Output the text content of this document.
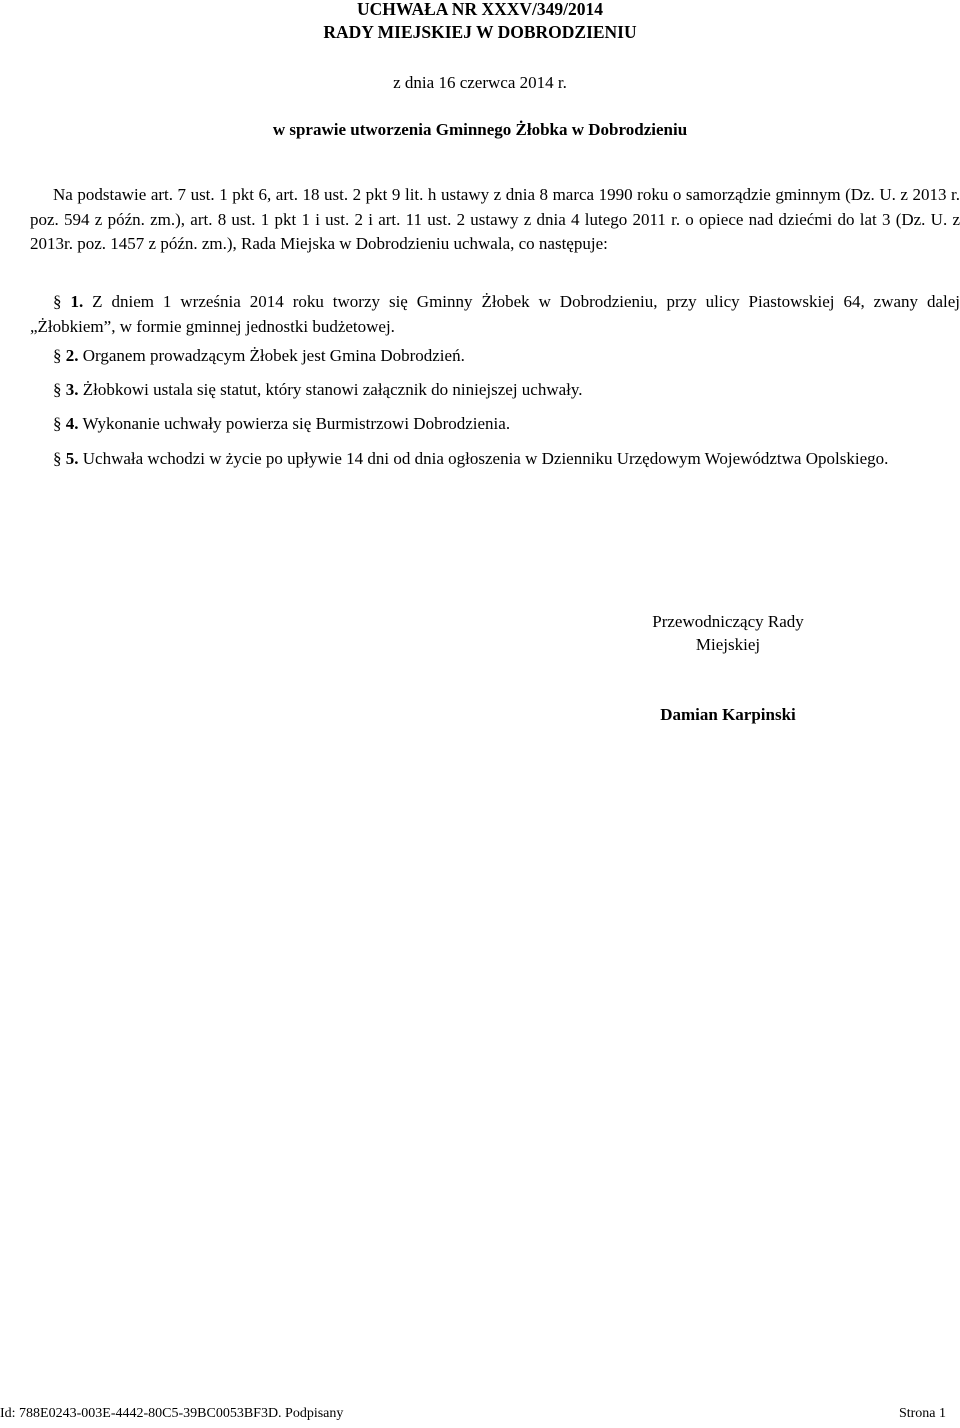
UCHWAŁA NR XXXV/349/2014

RADY MIEJSKIEJ W DOBRODZIENIU

z dnia 16 czerwca 2014 r.

w sprawie utworzenia Gminnego Żłobka w Dobrodzieniu

Na podstawie art. 7 ust. 1 pkt 6, art. 18 ust. 2 pkt 9 lit. h ustawy z dnia 8 marca 1990 roku o samorządzie gminnym (Dz. U. z 2013 r. poz. 594 z późn. zm.), art. 8 ust. 1 pkt 1 i ust. 2 i art. 11 ust. 2 ustawy z dnia 4 lutego 2011 r. o opiece nad dziećmi do lat 3 (Dz. U. z 2013r. poz. 1457 z późn. zm.), Rada Miejska w Dobrodzieniu uchwala, co następuje:

§ 1. Z dniem 1 września 2014 roku tworzy się Gminny Żłobek w Dobrodzieniu, przy ulicy Piastowskiej 64, zwany dalej „Żłobkiem”, w formie gminnej jednostki budżetowej.

§ 2. Organem prowadzącym Żłobek jest Gmina Dobrodzień.

§ 3. Żłobkowi ustala się statut, który stanowi załącznik do niniejszej uchwały.

§ 4. Wykonanie uchwały powierza się Burmistrzowi Dobrodzienia.

§ 5. Uchwała wchodzi w życie po upływie 14 dni od dnia ogłoszenia w Dzienniku Urzędowym Województwa Opolskiego.

Przewodniczący Rady
Miejskiej
Damian Karpinski
Id: 788E0243-003E-4442-80C5-39BC0053BF3D. Podpisany	Strona 1
